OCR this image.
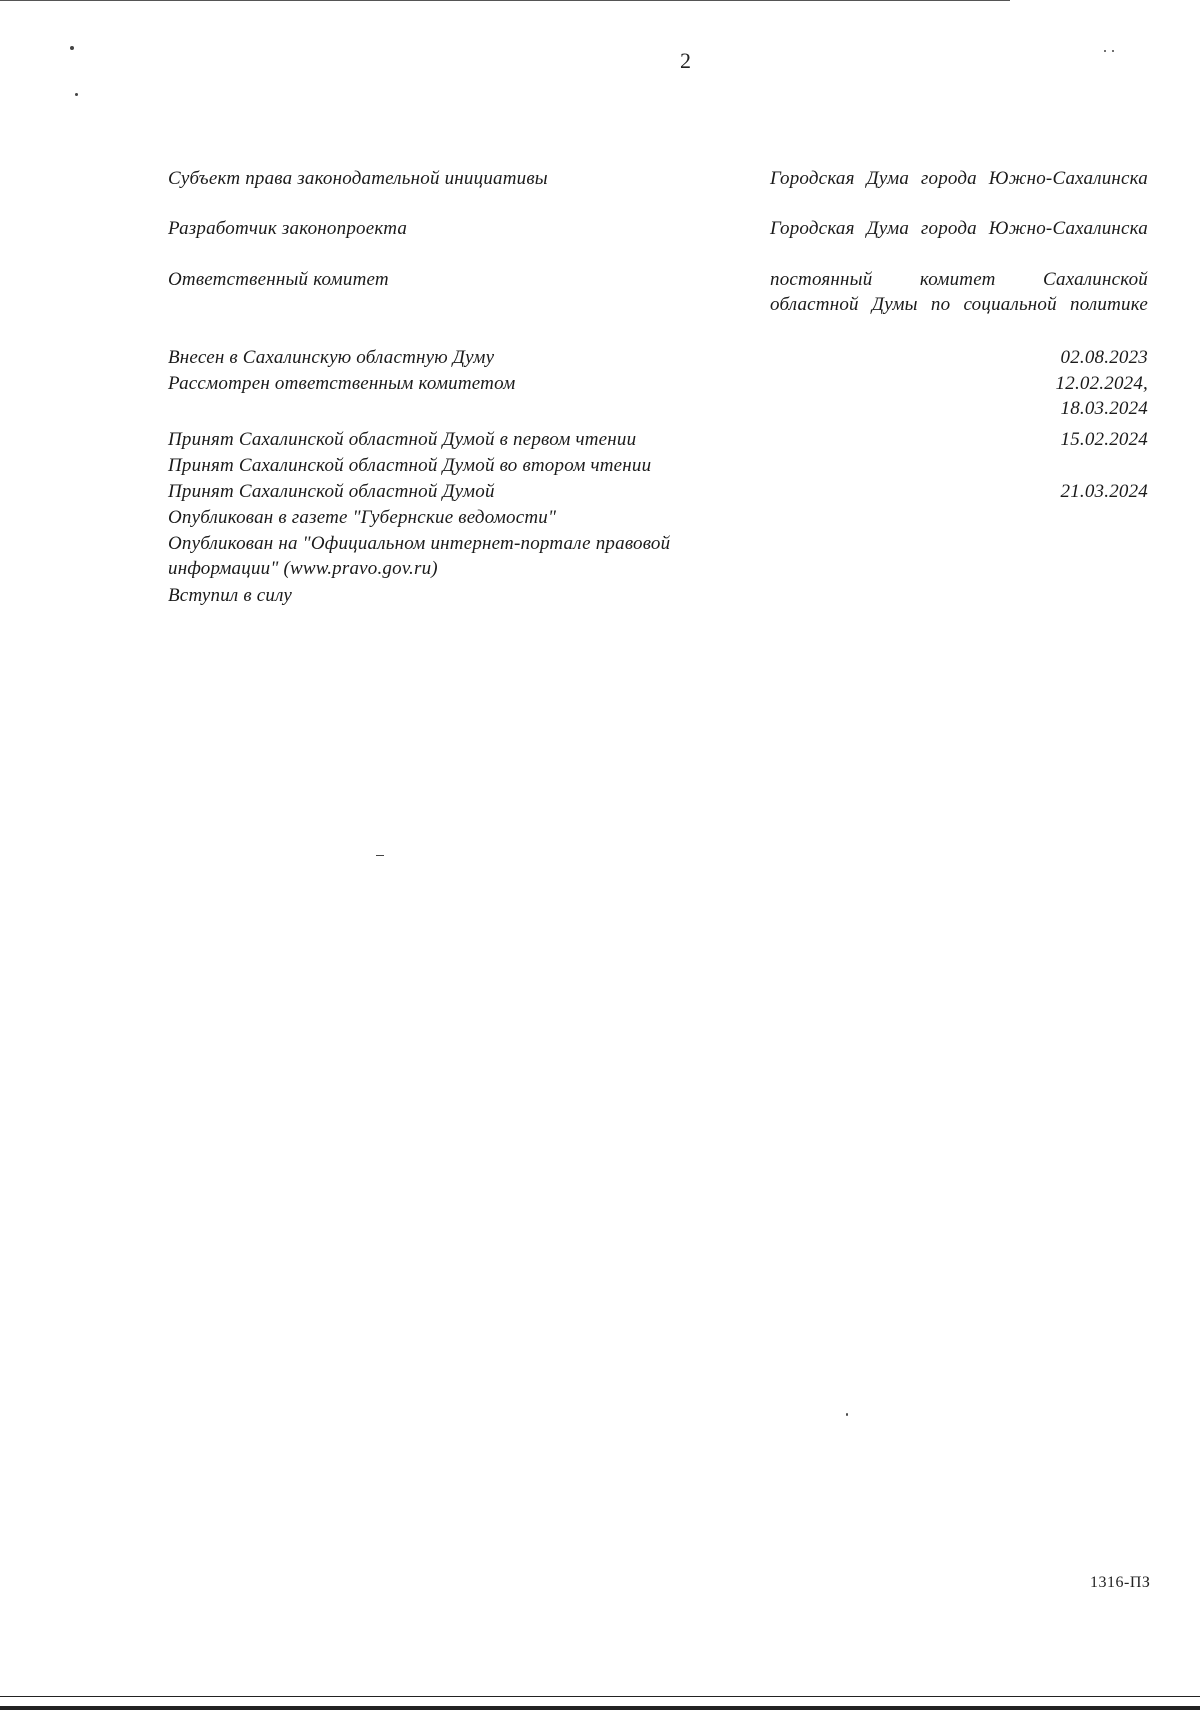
2
Субъект права законодательной инициативы	Городская Дума города Южно-Сахалинска
Разработчик законопроекта	Городская Дума города Южно-Сахалинска
Ответственный комитет	постоянный комитет Сахалинской областной Думы по социальной политике
Внесен в Сахалинскую областную Думу	02.08.2023
Рассмотрен ответственным комитетом	12.02.2024,
18.03.2024
Принят Сахалинской областной Думой в первом чтении	15.02.2024
Принят Сахалинской областной Думой во втором чтении
Принят Сахалинской областной Думой	21.03.2024
Опубликован в газете "Губернские ведомости"
Опубликован на "Официальном интернет-портале правовой
информации" (www.pravo.gov.ru)
Вступил в силу
1316-ПЗ
